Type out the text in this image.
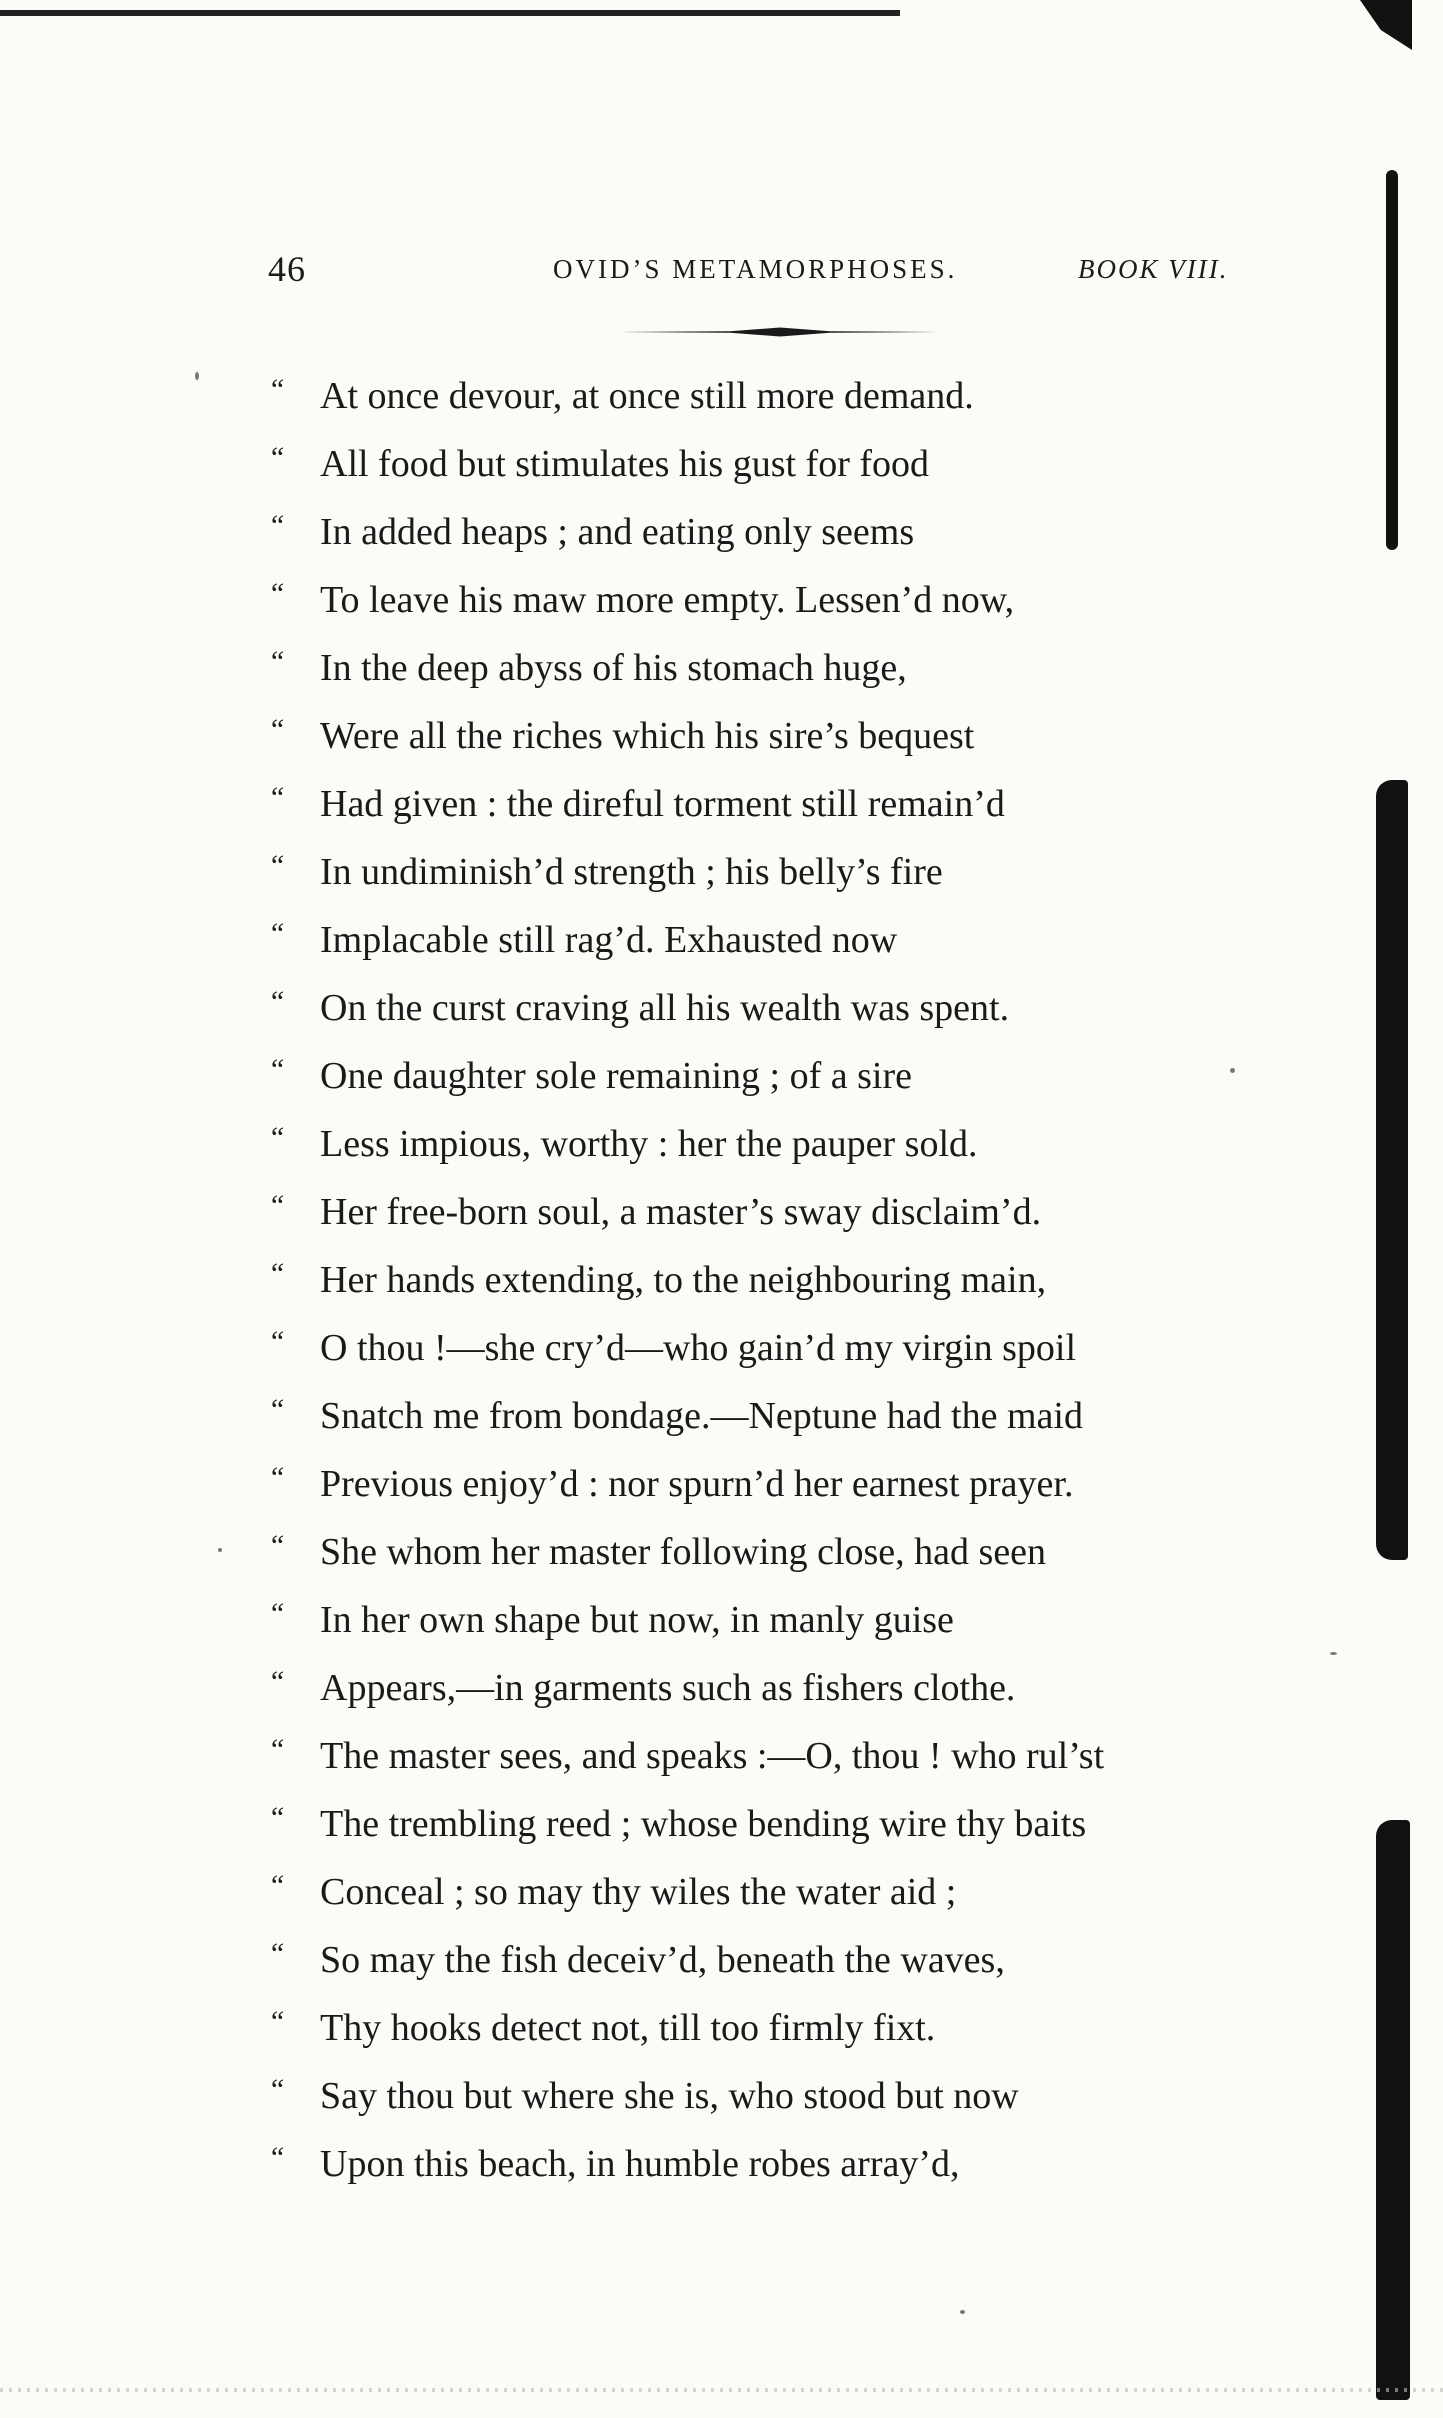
46	OVID’S METAMORPHOSES.	BOOK VIII.
“ At once devour, at once still more demand.
“ All food but stimulates his gust for food
“ In added heaps ; and eating only seems
“ To leave his maw more empty. Lessen’d now,
“ In the deep abyss of his stomach huge,
“ Were all the riches which his sire’s bequest
“ Had given : the direful torment still remain’d
“ In undiminish’d strength ; his belly’s fire
“ Implacable still rag’d. Exhausted now
“ On the curst craving all his wealth was spent.
“ One daughter sole remaining ; of a sire
“ Less impious, worthy : her the pauper sold.
“ Her free-born soul, a master’s sway disclaim’d.
“ Her hands extending, to the neighbouring main,
“ O thou !—she cry’d—who gain’d my virgin spoil
“ Snatch me from bondage.—Neptune had the maid
“ Previous enjoy’d : nor spurn’d her earnest prayer.
“ She whom her master following close, had seen
“ In her own shape but now, in manly guise
“ Appears,—in garments such as fishers clothe.
“ The master sees, and speaks :—O, thou ! who rul’st
“ The trembling reed ; whose bending wire thy baits
“ Conceal ; so may thy wiles the water aid ;
“ So may the fish deceiv’d, beneath the waves,
“ Thy hooks detect not, till too firmly fixt.
“ Say thou but where she is, who stood but now
“ Upon this beach, in humble robes array’d,
